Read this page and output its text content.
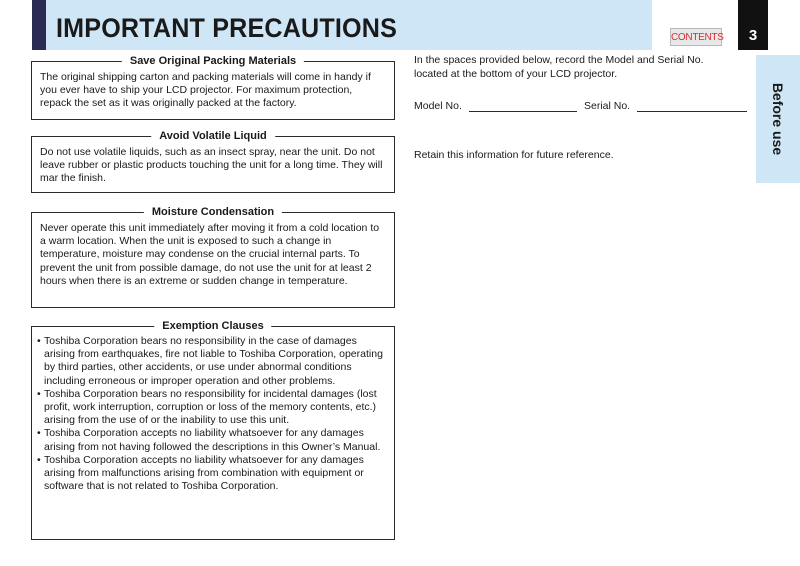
IMPORTANT PRECAUTIONS	CONTENTS	3
Before use
Save Original Packing Materials
The original shipping carton and packing materials will come in handy if you ever have to ship your LCD projector. For maximum protection, repack the set as it was originally packed at the factory.
Avoid Volatile Liquid
Do not use volatile liquids, such as an insect spray, near the unit. Do not leave rubber or plastic products touching the unit for a long time. They will mar the finish.
Moisture Condensation
Never operate this unit immediately after moving it from a cold location to a warm location. When the unit is exposed to such a change in temperature, moisture may condense on the crucial internal parts. To prevent the unit from possible damage, do not use the unit for at least 2 hours when there is an extreme or sudden change in temperature.
Exemption Clauses
• Toshiba Corporation bears no responsibility in the case of damages arising from earthquakes, fire not liable to Toshiba Corporation, operating by third parties, other accidents, or use under abnormal conditions including erroneous or improper operation and other problems.
• Toshiba Corporation bears no responsibility for incidental damages (lost profit, work interruption, corruption or loss of the memory contents, etc.) arising from the use of or the inability to use this unit.
• Toshiba Corporation accepts no liability whatsoever for any damages arising from not having followed the descriptions in this Owner’s Manual.
• Toshiba Corporation accepts no liability whatsoever for any damages arising from malfunctions arising from combination with equipment or software that is not related to Toshiba Corporation.
In the spaces provided below, record the Model and Serial No. located at the bottom of your LCD projector.
Model No.	Serial No.
Retain this information for future reference.
